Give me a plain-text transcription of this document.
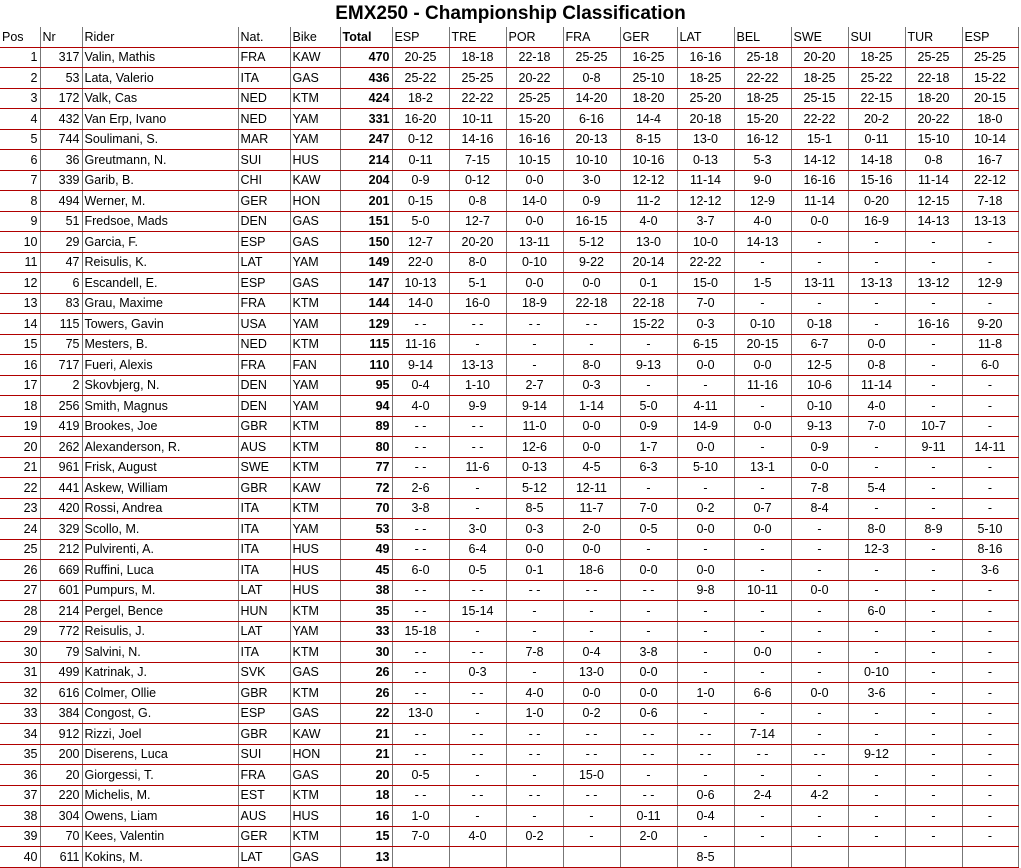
EMX250 - Championship Classification
Pos	Nr	Rider	Nat.	Bike	Total	ESP	TRE	POR	FRA	GER	LAT	BEL	SWE	SUI	TUR	ESP
1	317	Valin, Mathis	FRA	KAW	470	20-25	18-18	22-18	25-25	16-25	16-16	25-18	20-20	18-25	25-25	25-25
2	53	Lata, Valerio	ITA	GAS	436	25-22	25-25	20-22	0-8	25-10	18-25	22-22	18-25	25-22	22-18	15-22
3	172	Valk, Cas	NED	KTM	424	18-2	22-22	25-25	14-20	18-20	25-20	18-25	25-15	22-15	18-20	20-15
4	432	Van Erp, Ivano	NED	YAM	331	16-20	10-11	15-20	6-16	14-4	20-18	15-20	22-22	20-2	20-22	18-0
5	744	Soulimani, S.	MAR	YAM	247	0-12	14-16	16-16	20-13	8-15	13-0	16-12	15-1	0-11	15-10	10-14
6	36	Greutmann, N.	SUI	HUS	214	0-11	7-15	10-15	10-10	10-16	0-13	5-3	14-12	14-18	0-8	16-7
7	339	Garib, B.	CHI	KAW	204	0-9	0-12	0-0	3-0	12-12	11-14	9-0	16-16	15-16	11-14	22-12
8	494	Werner, M.	GER	HON	201	0-15	0-8	14-0	0-9	11-2	12-12	12-9	11-14	0-20	12-15	7-18
9	51	Fredsoe, Mads	DEN	GAS	151	5-0	12-7	0-0	16-15	4-0	3-7	4-0	0-0	16-9	14-13	13-13
10	29	Garcia, F.	ESP	GAS	150	12-7	20-20	13-11	5-12	13-0	10-0	14-13	-	-	-	-
11	47	Reisulis, K.	LAT	YAM	149	22-0	8-0	0-10	9-22	20-14	22-22	-	-	-	-	-
12	6	Escandell, E.	ESP	GAS	147	10-13	5-1	0-0	0-0	0-1	15-0	1-5	13-11	13-13	13-12	12-9
13	83	Grau, Maxime	FRA	KTM	144	14-0	16-0	18-9	22-18	22-18	7-0	-	-	-	-	-
14	115	Towers, Gavin	USA	YAM	129	- -	- -	- -	- -	15-22	0-3	0-10	0-18	-	16-16	9-20
15	75	Mesters, B.	NED	KTM	115	11-16	-	-	-	-	6-15	20-15	6-7	0-0	-	11-8
16	717	Fueri, Alexis	FRA	FAN	110	9-14	13-13	-	8-0	9-13	0-0	0-0	12-5	0-8	-	6-0
17	2	Skovbjerg, N.	DEN	YAM	95	0-4	1-10	2-7	0-3	-	-	11-16	10-6	11-14	-	-
18	256	Smith, Magnus	DEN	YAM	94	4-0	9-9	9-14	1-14	5-0	4-11	-	0-10	4-0	-	-
19	419	Brookes, Joe	GBR	KTM	89	- -	- -	11-0	0-0	0-9	14-9	0-0	9-13	7-0	10-7	-
20	262	Alexanderson, R.	AUS	KTM	80	- -	- -	12-6	0-0	1-7	0-0	-	0-9	-	9-11	14-11
21	961	Frisk, August	SWE	KTM	77	- -	11-6	0-13	4-5	6-3	5-10	13-1	0-0	-	-	-
22	441	Askew, William	GBR	KAW	72	2-6	-	5-12	12-11	-	-	-	7-8	5-4	-	-
23	420	Rossi, Andrea	ITA	KTM	70	3-8	-	8-5	11-7	7-0	0-2	0-7	8-4	-	-	-
24	329	Scollo, M.	ITA	YAM	53	- -	3-0	0-3	2-0	0-5	0-0	0-0	-	8-0	8-9	5-10
25	212	Pulvirenti, A.	ITA	HUS	49	- -	6-4	0-0	0-0	-	-	-	-	12-3	-	8-16
26	669	Ruffini, Luca	ITA	HUS	45	6-0	0-5	0-1	18-6	0-0	0-0	-	-	-	-	3-6
27	601	Pumpurs, M.	LAT	HUS	38	- -	- -	- -	- -	- -	9-8	10-11	0-0	-	-	-
28	214	Pergel, Bence	HUN	KTM	35	- -	15-14	-	-	-	-	-	-	6-0	-	-
29	772	Reisulis, J.	LAT	YAM	33	15-18	-	-	-	-	-	-	-	-	-	-
30	79	Salvini, N.	ITA	KTM	30	- -	- -	7-8	0-4	3-8	-	0-0	-	-	-	-
31	499	Katrinak, J.	SVK	GAS	26	- -	0-3	-	13-0	0-0	-	-	-	0-10	-	-
32	616	Colmer, Ollie	GBR	KTM	26	- -	- -	4-0	0-0	0-0	1-0	6-6	0-0	3-6	-	-
33	384	Congost, G.	ESP	GAS	22	13-0	-	1-0	0-2	0-6	-	-	-	-	-	-
34	912	Rizzi, Joel	GBR	KAW	21	- -	- -	- -	- -	- -	- -	7-14	-	-	-	-
35	200	Diserens, Luca	SUI	HON	21	- -	- -	- -	- -	- -	- -	- -	- -	9-12	-	-
36	20	Giorgessi, T.	FRA	GAS	20	0-5	-	-	15-0	-	-	-	-	-	-	-
37	220	Michelis, M.	EST	KTM	18	- -	- -	- -	- -	- -	0-6	2-4	4-2	-	-	-
38	304	Owens, Liam	AUS	HUS	16	1-0	-	-	-	0-11	0-4	-	-	-	-	-
39	70	Kees, Valentin	GER	KTM	15	7-0	4-0	0-2	-	2-0	-	-	-	-	-	-
40	611	Kokins, M.	LAT	GAS	13						8-5					
